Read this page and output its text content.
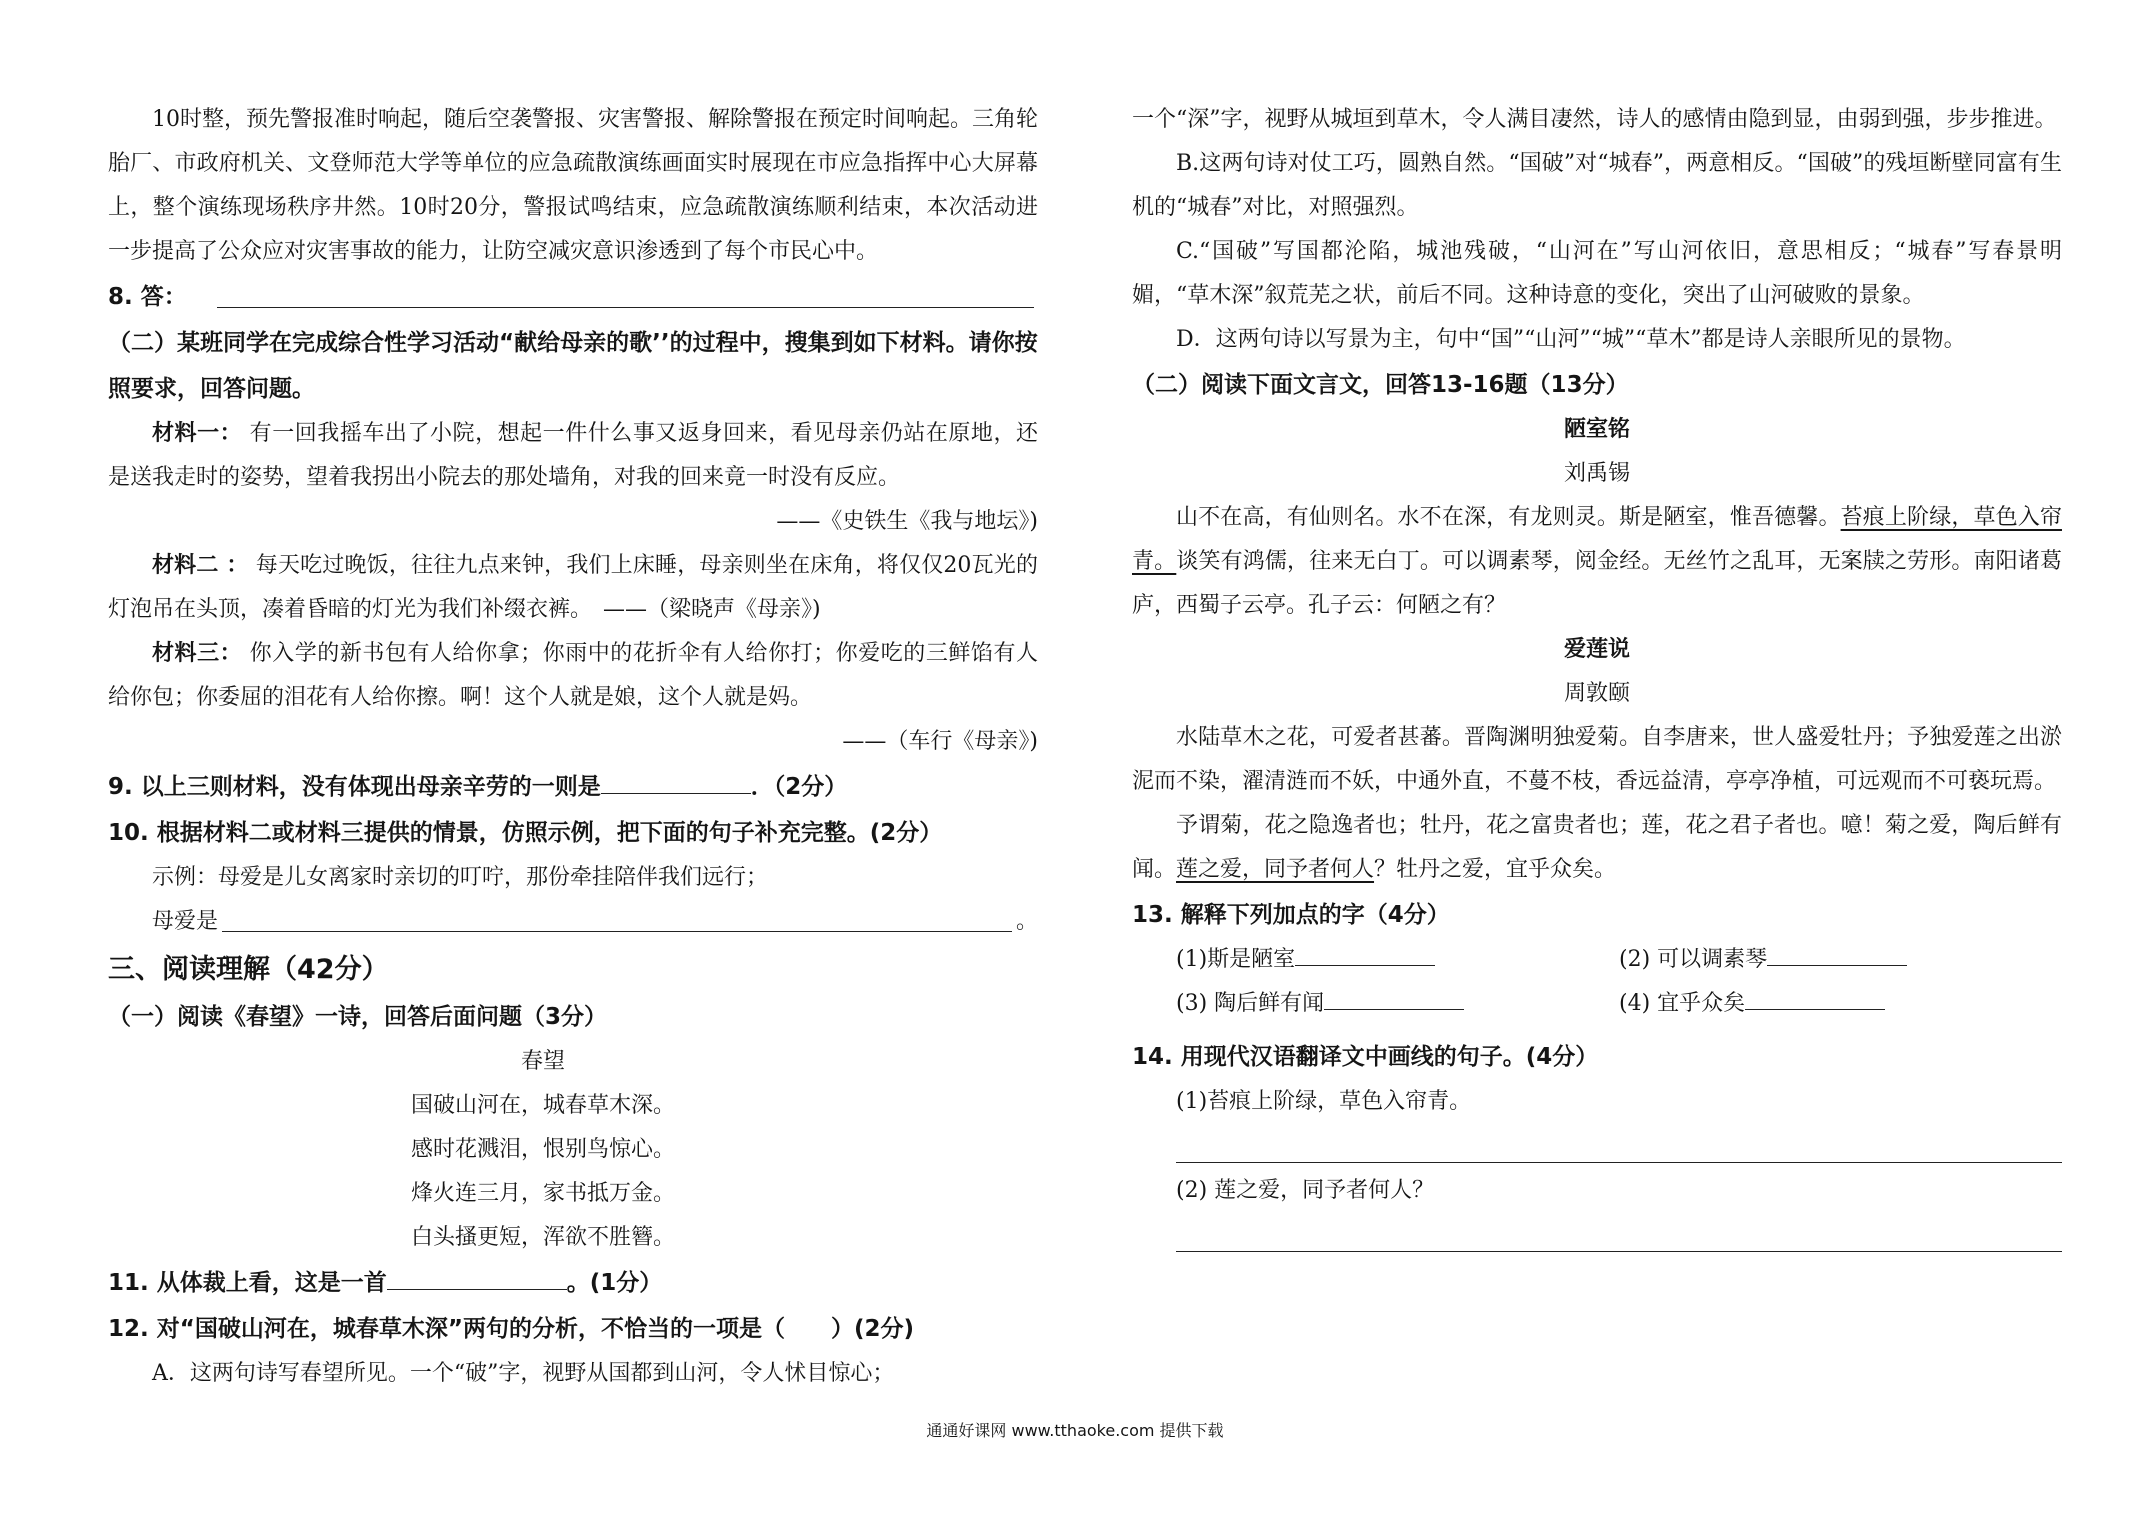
10时整，预先警报准时响起，随后空袭警报、灾害警报、解除警报在预定时间响起。三角轮胎厂、市政府机关、文登师范大学等单位的应急疏散演练画面实时展现在市应急指挥中心大屏幕上，整个演练现场秩序井然。10时20分，警报试鸣结束，应急疏散演练顺利结束，本次活动进一步提高了公众应对灾害事故的能力，让防空减灾意识渗透到了每个市民心中。

8. 答：

（二）某班同学在完成综合性学习活动“献给母亲的歌’’的过程中，搜集到如下材料。请你按照要求，回答问题。

材料一： 有一回我摇车出了小院，想起一件什么事又返身回来，看见母亲仍站在原地，还是送我走时的姿势，望着我拐出小院去的那处墙角，对我的回来竟一时没有反应。

——《史铁生《我与地坛》)

材料二 ： 每天吃过晚饭，往往九点来钟，我们上床睡，母亲则坐在床角，将仅仅20瓦光的灯泡吊在头顶，凑着昏暗的灯光为我们补缀衣裤。　——（梁晓声《母亲》)

材料三： 你入学的新书包有人给你拿；你雨中的花折伞有人给你打；你爱吃的三鲜馅有人给你包；你委屈的泪花有人给你擦。啊！这个人就是娘，这个人就是妈。

——（车行《母亲》)

9. 以上三则材料，没有体现出母亲辛劳的一则是	．（2分）

10. 根据材料二或材料三提供的情景，仿照示例，把下面的句子补充完整。(2分）

示例：母爱是儿女离家时亲切的叮咛，那份牵挂陪伴我们远行；

母爱是	。

三、阅读理解（42分）

（一）阅读《春望》一诗，回答后面问题（3分）

春望

国破山河在，城春草木深。

感时花溅泪，恨别鸟惊心。

烽火连三月，家书抵万金。

白头搔更短，浑欲不胜簪。

11. 从体裁上看，这是一首	。(1分）

12. 对“国破山河在，城春草木深”两句的分析，不恰当的一项是（　　）(2分)

A．这两句诗写春望所见。一个“破”字，视野从国都到山河，令人怵目惊心；

一个“深”字，视野从城垣到草木，令人满目凄然，诗人的感情由隐到显，由弱到强，步步推进。

B.这两句诗对仗工巧，圆熟自然。“国破”对“城春”，两意相反。“国破”的残垣断壁同富有生机的“城春”对比，对照强烈。

C.“国破”写国都沦陷，城池残破，“山河在”写山河依旧，意思相反；“城春”写春景明媚，“草木深”叙荒芜之状，前后不同。这种诗意的变化，突出了山河破败的景象。

D．这两句诗以写景为主，句中“国”“山河”“城”“草木”都是诗人亲眼所见的景物。

（二）阅读下面文言文，回答13-16题（13分）

陋室铭

刘禹锡

山不在高，有仙则名。水不在深，有龙则灵。斯是陋室，惟吾德馨。苔痕上阶绿，草色入帘青。谈笑有鸿儒，往来无白丁。可以调素琴，阅金经。无丝竹之乱耳，无案牍之劳形。南阳诸葛庐，西蜀子云亭。孔子云：何陋之有？

爱莲说

周敦颐

水陆草木之花，可爱者甚蕃。晋陶渊明独爱菊。自李唐来，世人盛爱牡丹；予独爱莲之出淤泥而不染，濯清涟而不妖，中通外直，不蔓不枝，香远益清，亭亭净植，可远观而不可亵玩焉。

予谓菊，花之隐逸者也；牡丹，花之富贵者也；莲，花之君子者也。噫！菊之爱，陶后鲜有闻。莲之爱，同予者何人？牡丹之爱，宜乎众矣。

13. 解释下列加点的字（4分）

(1)斯是陋室	(2) 可以调素琴
(3) 陶后鲜有闻	(4) 宜乎众矣

14. 用现代汉语翻译文中画线的句子。(4分）

(1)苔痕上阶绿，草色入帘青。

(2) 莲之爱，同予者何人？

通通好课网 www.tthaoke.com 提供下载
